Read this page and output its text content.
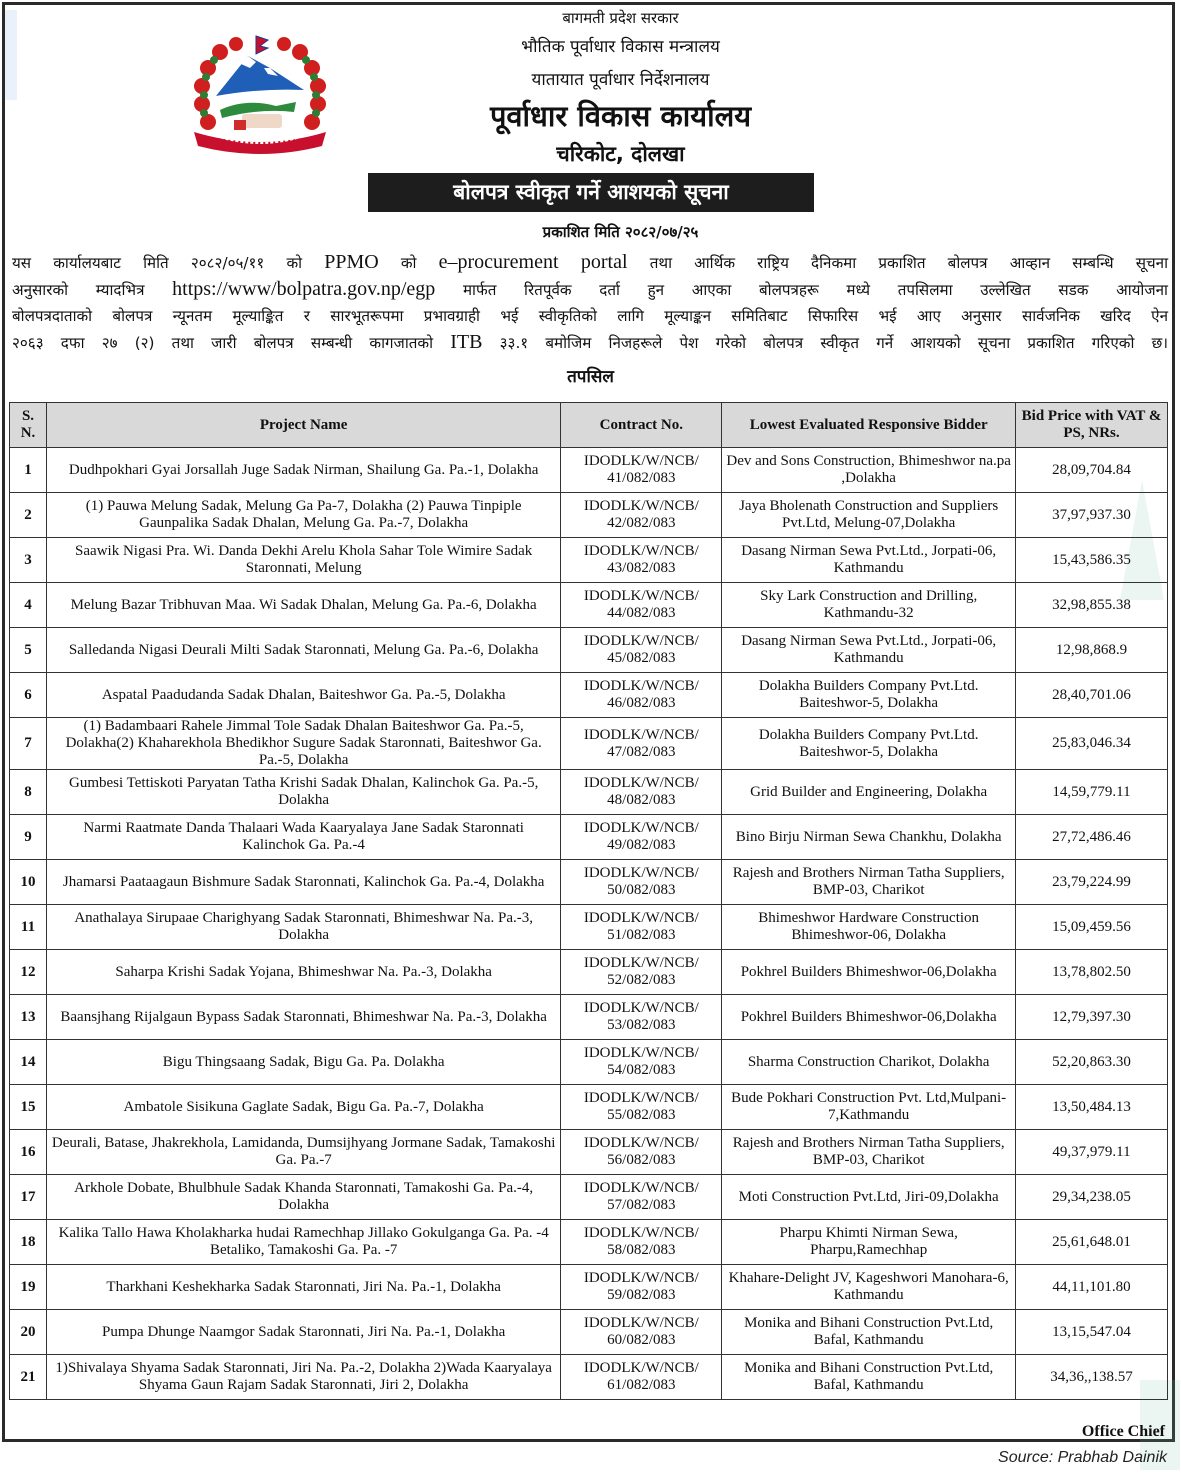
बागमती प्रदेश सरकार
भौतिक पूर्वाधार विकास मन्त्रालय
यातायात पूर्वाधार निर्देशनालय
पूर्वाधार विकास कार्यालय
चरिकोट, दोलखा
बोलपत्र स्वीकृत गर्ने आशयको सूचना
प्रकाशित मिति २०८२/०७/२५
यस कार्यालयबाट मिति २०८२/०५/११ को PPMO को e–procurement portal तथा आर्थिक राष्ट्रिय दैनिकमा प्रकाशित बोलपत्र आव्हान सम्बन्धि सूचना
अनुसारको म्यादभित्र https://www/bolpatra.gov.np/egp मार्फत रितपूर्वक दर्ता हुन आएका बोलपत्रहरू मध्ये तपसिलमा उल्लेखित सडक आयोजना
बोलपत्रदाताको बोलपत्र न्यूनतम मूल्याङ्कित र सारभूतरूपमा प्रभावग्राही भई स्वीकृतिको लागि मूल्याङ्कन समितिबाट सिफारिस भई आए अनुसार सार्वजनिक खरिद ऐन
२०६३ दफा २७ (२) तथा जारी बोलपत्र सम्बन्धी कागजातको ITB ३३.१ बमोजिम निजहरूले पेश गरेको बोलपत्र स्वीकृत गर्ने आशयको सूचना प्रकाशित गरिएको छ।
तपसिल
S. N.	Project Name	Contract No.	Lowest Evaluated Responsive Bidder	Bid Price with VAT & PS, NRs.
1	Dudhpokhari Gyai Jorsallah Juge Sadak Nirman, Shailung Ga. Pa.-1, Dolakha	IDODLK/W/NCB/ 41/082/083	Dev and Sons Construction, Bhimeshwor na.pa ,Dolakha	28,09,704.84
2	(1) Pauwa Melung Sadak, Melung Ga Pa-7, Dolakha (2) Pauwa Tinpiple Gaunpalika Sadak Dhalan, Melung Ga. Pa.-7, Dolakha	IDODLK/W/NCB/ 42/082/083	Jaya Bholenath Construction and Suppliers Pvt.Ltd, Melung-07,Dolakha	37,97,937.30
3	Saawik Nigasi Pra. Wi. Danda Dekhi Arelu Khola Sahar Tole Wimire Sadak Staronnati, Melung	IDODLK/W/NCB/ 43/082/083	Dasang Nirman Sewa Pvt.Ltd., Jorpati-06, Kathmandu	15,43,586.35
4	Melung Bazar Tribhuvan Maa. Wi Sadak Dhalan, Melung Ga. Pa.-6, Dolakha	IDODLK/W/NCB/ 44/082/083	Sky Lark Construction and Drilling, Kathmandu-32	32,98,855.38
5	Salledanda Nigasi Deurali Milti Sadak Staronnati, Melung Ga. Pa.-6, Dolakha	IDODLK/W/NCB/ 45/082/083	Dasang Nirman Sewa Pvt.Ltd., Jorpati-06, Kathmandu	12,98,868.9
6	Aspatal Paadudanda Sadak Dhalan, Baiteshwor Ga. Pa.-5, Dolakha	IDODLK/W/NCB/ 46/082/083	Dolakha Builders Company Pvt.Ltd. Baiteshwor-5, Dolakha	28,40,701.06
7	(1) Badambaari Rahele Jimmal Tole Sadak Dhalan Baiteshwor Ga. Pa.-5, Dolakha(2) Khaharekhola Bhedikhor Sugure Sadak Staronnati, Baiteshwor Ga. Pa.-5, Dolakha	IDODLK/W/NCB/ 47/082/083	Dolakha Builders Company Pvt.Ltd. Baiteshwor-5, Dolakha	25,83,046.34
8	Gumbesi Tettiskoti Paryatan Tatha Krishi Sadak Dhalan, Kalinchok Ga. Pa.-5, Dolakha	IDODLK/W/NCB/ 48/082/083	Grid Builder and Engineering, Dolakha	14,59,779.11
9	Narmi Raatmate Danda Thalaari Wada Kaaryalaya Jane Sadak Staronnati Kalinchok Ga. Pa.-4	IDODLK/W/NCB/ 49/082/083	Bino Birju Nirman Sewa Chankhu, Dolakha	27,72,486.46
10	Jhamarsi Paataagaun Bishmure Sadak Staronnati, Kalinchok Ga. Pa.-4, Dolakha	IDODLK/W/NCB/ 50/082/083	Rajesh and Brothers Nirman Tatha Suppliers, BMP-03, Charikot	23,79,224.99
11	Anathalaya Sirupaae Charighyang Sadak Staronnati, Bhimeshwar Na. Pa.-3, Dolakha	IDODLK/W/NCB/ 51/082/083	Bhimeshwor Hardware Construction Bhimeshwor-06, Dolakha	15,09,459.56
12	Saharpa Krishi Sadak Yojana, Bhimeshwar Na. Pa.-3, Dolakha	IDODLK/W/NCB/ 52/082/083	Pokhrel Builders Bhimeshwor-06,Dolakha	13,78,802.50
13	Baansjhang Rijalgaun Bypass Sadak Staronnati, Bhimeshwar Na. Pa.-3, Dolakha	IDODLK/W/NCB/ 53/082/083	Pokhrel Builders Bhimeshwor-06,Dolakha	12,79,397.30
14	Bigu Thingsaang Sadak, Bigu Ga. Pa. Dolakha	IDODLK/W/NCB/ 54/082/083	Sharma Construction Charikot, Dolakha	52,20,863.30
15	Ambatole Sisikuna Gaglate Sadak, Bigu Ga. Pa.-7, Dolakha	IDODLK/W/NCB/ 55/082/083	Bude Pokhari Construction Pvt. Ltd,Mulpani-7,Kathmandu	13,50,484.13
16	Deurali, Batase, Jhakrekhola, Lamidanda, Dumsijhyang Jormane Sadak, Tamakoshi Ga. Pa.-7	IDODLK/W/NCB/ 56/082/083	Rajesh and Brothers Nirman Tatha Suppliers, BMP-03, Charikot	49,37,979.11
17	Arkhole Dobate, Bhulbhule Sadak Khanda Staronnati, Tamakoshi Ga. Pa.-4, Dolakha	IDODLK/W/NCB/ 57/082/083	Moti Construction Pvt.Ltd, Jiri-09,Dolakha	29,34,238.05
18	Kalika Tallo Hawa Kholakharka hudai Ramechhap Jillako Gokulganga Ga. Pa. -4 Betaliko, Tamakoshi Ga. Pa. -7	IDODLK/W/NCB/ 58/082/083	Pharpu Khimti Nirman Sewa, Pharpu,Ramechhap	25,61,648.01
19	Tharkhani Keshekharka Sadak Staronnati, Jiri Na. Pa.-1, Dolakha	IDODLK/W/NCB/ 59/082/083	Khahare-Delight JV, Kageshwori Manohara-6, Kathmandu	44,11,101.80
20	Pumpa Dhunge Naamgor Sadak Staronnati, Jiri Na. Pa.-1, Dolakha	IDODLK/W/NCB/ 60/082/083	Monika and Bihani Construction Pvt.Ltd, Bafal, Kathmandu	13,15,547.04
21	1)Shivalaya Shyama Sadak Staronnati, Jiri Na. Pa.-2, Dolakha 2)Wada Kaaryalaya Shyama Gaun Rajam Sadak Staronnati, Jiri 2, Dolakha	IDODLK/W/NCB/ 61/082/083	Monika and Bihani Construction Pvt.Ltd, Bafal, Kathmandu	34,36,,138.57
Office Chief
Source: Prabhab Dainik
